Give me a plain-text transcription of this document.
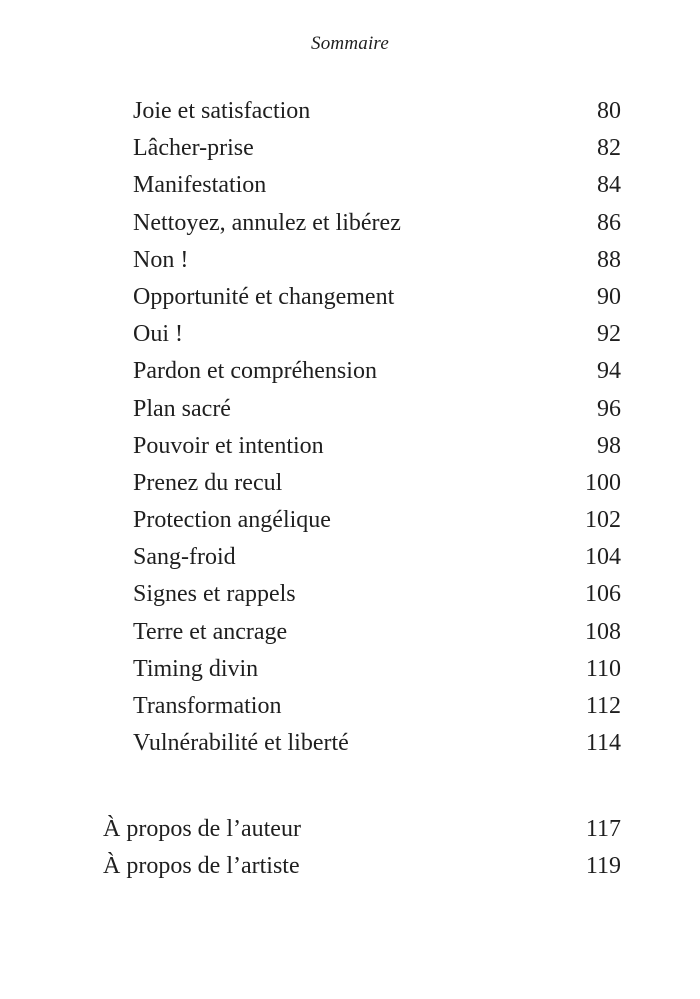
Sommaire
Joie et satisfaction	80
Lâcher-prise	82
Manifestation	84
Nettoyez, annulez et libérez	86
Non !	88
Opportunité et changement	90
Oui !	92
Pardon et compréhension	94
Plan sacré	96
Pouvoir et intention	98
Prenez du recul	100
Protection angélique	102
Sang-froid	104
Signes et rappels	106
Terre et ancrage	108
Timing divin	110
Transformation	112
Vulnérabilité et liberté	114
À propos de l’auteur	117
À propos de l’artiste	119
